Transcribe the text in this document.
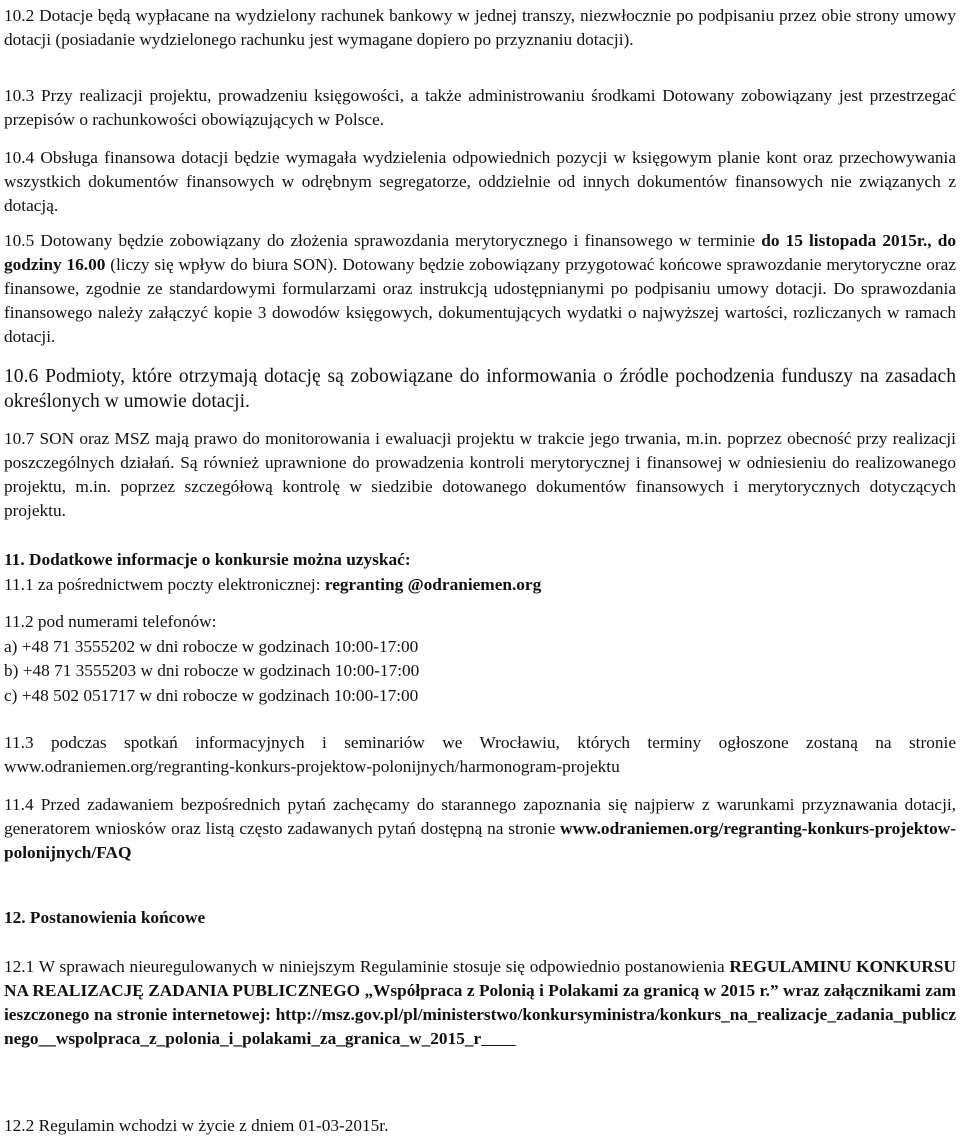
10.2 Dotacje będą wypłacane na wydzielony rachunek bankowy w jednej transzy, niezwłocznie po podpisaniu przez obie strony umowy dotacji (posiadanie wydzielonego rachunku jest wymagane dopiero po przyznaniu dotacji).

10.3 Przy realizacji projektu, prowadzeniu księgowości, a także administrowaniu środkami Dotowany zobowiązany jest przestrzegać przepisów o rachunkowości obowiązujących w Polsce.

10.4 Obsługa finansowa dotacji będzie wymagała wydzielenia odpowiednich pozycji w księgowym planie kont oraz przechowywania wszystkich dokumentów finansowych w odrębnym segregatorze, oddzielnie od innych dokumentów finansowych nie związanych z dotacją.

10.5 Dotowany będzie zobowiązany do złożenia sprawozdania merytorycznego i finansowego w terminie do 15 listopada 2015r., do godziny 16.00 (liczy się wpływ do biura SON). Dotowany będzie zobowiązany przygotować końcowe sprawozdanie merytoryczne oraz finansowe, zgodnie ze standardowymi formularzami oraz instrukcją udostępnianymi po podpisaniu umowy dotacji. Do sprawozdania finansowego należy załączyć kopie 3 dowodów księgowych, dokumentujących wydatki o najwyższej wartości, rozliczanych w ramach dotacji.

10.6 Podmioty, które otrzymają dotację są zobowiązane do informowania o źródle pochodzenia funduszy na zasadach określonych w umowie dotacji.

10.7 SON oraz MSZ mają prawo do monitorowania i ewaluacji projektu w trakcie jego trwania, m.in. poprzez obecność przy realizacji poszczególnych działań. Są również uprawnione do prowadzenia kontroli merytorycznej i finansowej w odniesieniu do realizowanego projektu, m.in. poprzez szczegółową kontrolę w siedzibie dotowanego dokumentów finansowych i merytorycznych dotyczących projektu.

11. Dodatkowe informacje o konkursie można uzyskać:

11.1 za pośrednictwem poczty elektronicznej: regranting @odraniemen.org

11.2 pod numerami telefonów:

a) +48 71 3555202 w dni robocze w godzinach 10:00-17:00

b) +48 71 3555203 w dni robocze w godzinach 10:00-17:00

c) +48 502 051717 w dni robocze w godzinach 10:00-17:00

11.3 podczas spotkań informacyjnych i seminariów we Wrocławiu, których terminy ogłoszone zostaną na stronie www.odraniemen.org/regranting-konkurs-projektow-polonijnych/harmonogram-projektu

11.4 Przed zadawaniem bezpośrednich pytań zachęcamy do starannego zapoznania się najpierw z warunkami przyznawania dotacji, generatorem wniosków oraz listą często zadawanych pytań dostępną na stronie www.odraniemen.org/regranting-konkurs-projektow-polonijnych/FAQ

12. Postanowienia końcowe

12.1 W sprawach nieuregulowanych w niniejszym Regulaminie stosuje się odpowiednio postanowienia REGULAMINU KONKURSU NA REALIZACJĘ ZADANIA PUBLICZNEGO „Współpraca z Polonią i Polakami za granicą w 2015 r.” wraz załącznikami zamieszczonego na stronie internetowej: http://msz.gov.pl/pl/ministerstwo/konkursyministra/konkurs_na_realizacje_zadania_publicznego__wspolpraca_z_polonia_i_polakami_za_granica_w_2015_r

12.2 Regulamin wchodzi w życie z dniem 01-03-2015r.
